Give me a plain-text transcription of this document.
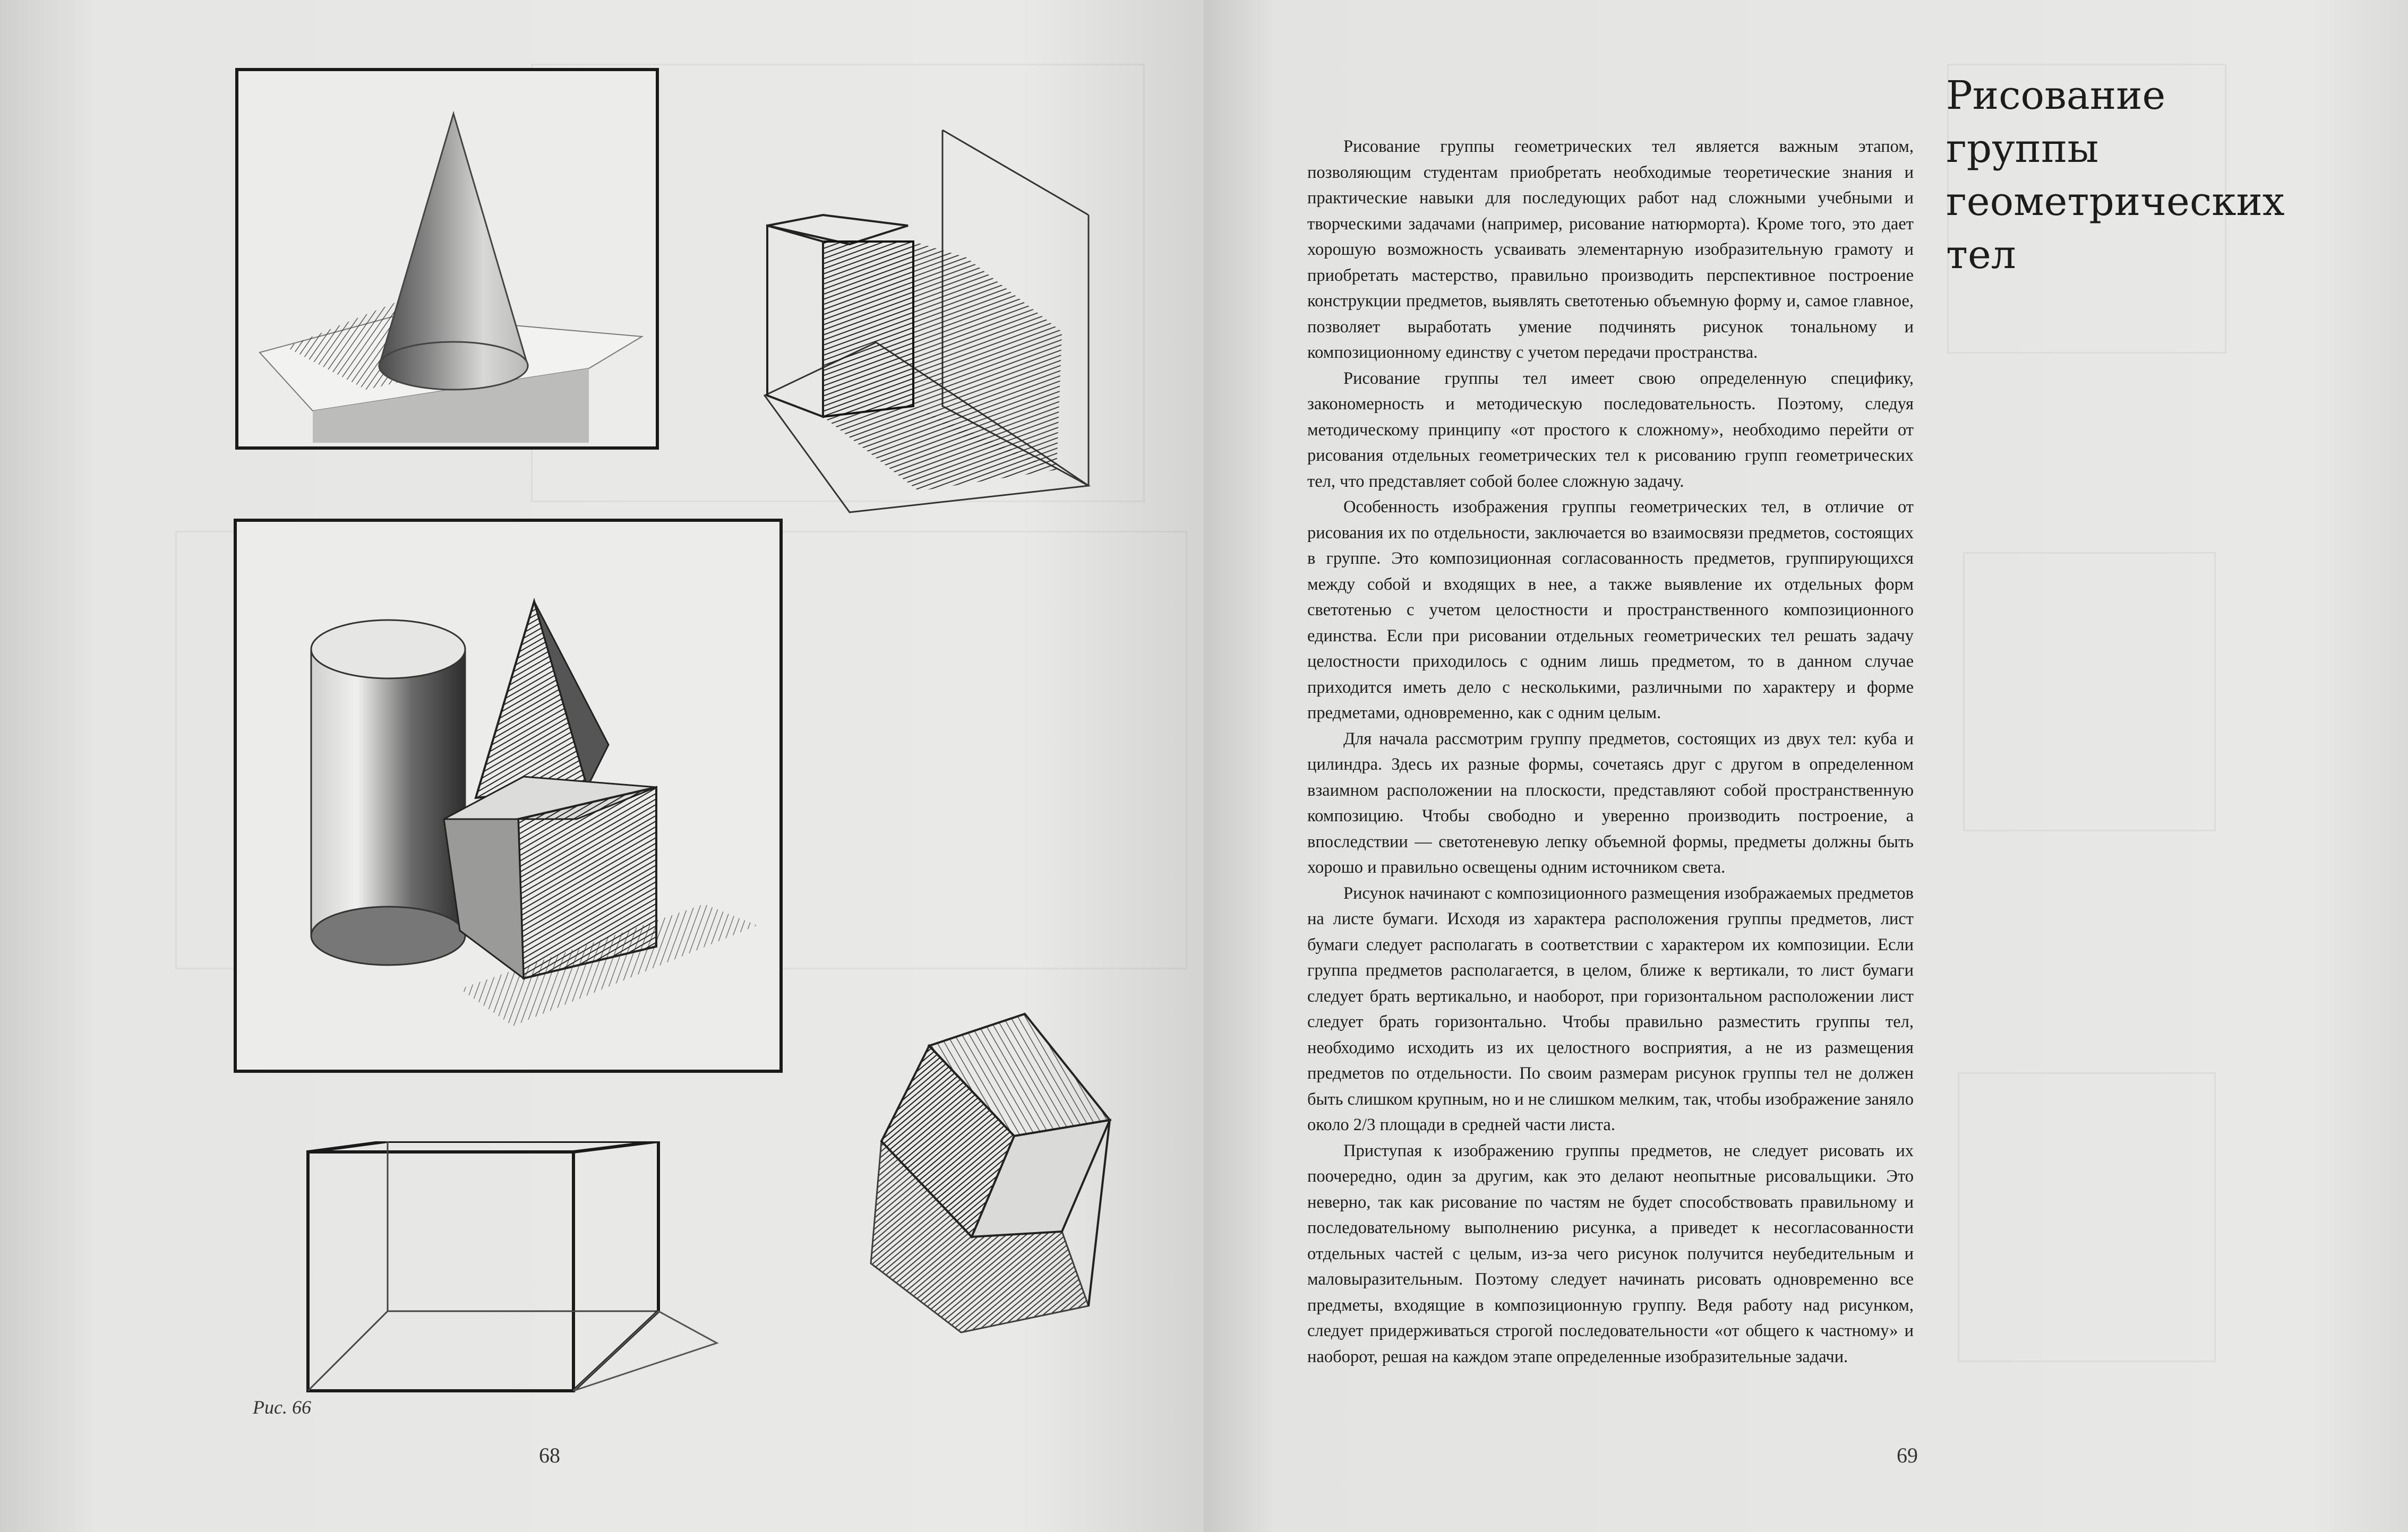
Рис. 66
68
Рисование группы геометрических тел

Рисование группы геометрических тел является важным этапом, позволяющим студентам приобретать необходимые теоретические знания и практические навыки для последующих работ над сложными учебными и творческими задачами (например, рисование натюрморта). Кроме того, это дает хорошую возможность усваивать элементарную изобразительную грамоту и приобретать мастерство, правильно производить перспективное построение конструкции предметов, выявлять светотенью объемную форму и, самое главное, позволяет выработать умение подчинять рисунок тональному и композиционному единству с учетом передачи пространства.

Рисование группы тел имеет свою определенную специфику, закономерность и методическую последовательность. Поэтому, следуя методическому принципу «от простого к сложному», необходимо перейти от рисования отдельных геометрических тел к рисованию групп геометрических тел, что представляет собой более сложную задачу.

Особенность изображения группы геометрических тел, в отличие от рисования их по отдельности, заключается во взаимосвязи предметов, состоящих в группе. Это композиционная согласованность предметов, группирующихся между собой и входящих в нее, а также выявление их отдельных форм светотенью с учетом целостности и пространственного композиционного единства. Если при рисовании отдельных геометрических тел решать задачу целостности приходилось с одним лишь предметом, то в данном случае приходится иметь дело с несколькими, различными по характеру и форме предметами, одновременно, как с одним целым.

Для начала рассмотрим группу предметов, состоящих из двух тел: куба и цилиндра. Здесь их разные формы, сочетаясь друг с другом в определенном взаимном расположении на плоскости, представляют собой пространственную композицию. Чтобы свободно и уверенно производить построение, а впоследствии — светотеневую лепку объемной формы, предметы должны быть хорошо и правильно освещены одним источником света.

Рисунок начинают с композиционного размещения изображаемых предметов на листе бумаги. Исходя из характера расположения группы предметов, лист бумаги следует располагать в соответствии с характером их композиции. Если группа предметов располагается, в целом, ближе к вертикали, то лист бумаги следует брать вертикально, и наоборот, при горизонтальном расположении лист следует брать горизонтально. Чтобы правильно разместить группы тел, необходимо исходить из их целостного восприятия, а не из размещения предметов по отдельности. По своим размерам рисунок группы тел не должен быть слишком крупным, но и не слишком мелким, так, чтобы изображение заняло около 2/3 площади в средней части листа.

Приступая к изображению группы предметов, не следует рисовать их поочередно, один за другим, как это делают неопытные рисовальщики. Это неверно, так как рисование по частям не будет способствовать правильному и последовательному выполнению рисунка, а приведет к несогласованности отдельных частей с целым, из-за чего рисунок получится неубедительным и маловыразительным. Поэтому следует начинать рисовать одновременно все предметы, входящие в композиционную группу. Ведя работу над рисунком, следует придерживаться строгой последовательности «от общего к частному» и наоборот, решая на каждом этапе определенные изобразительные задачи.

69
